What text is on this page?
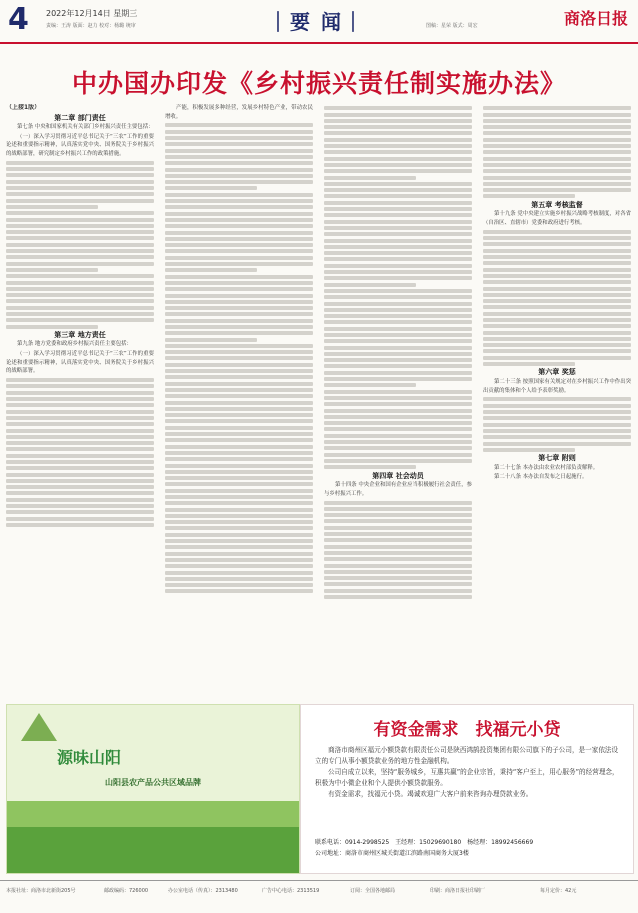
4 2022年12月14日 星期三
责编：王涛 版面：赵力 校对：杨璐 统审	｜要 闻｜	图稿：星荣 版式：周宏	商洛日报
中办国办印发《乡村振兴责任制实施办法》

（上接1版）

第二章 部门责任

第七条 中央和国家机关有关部门乡村振兴责任主要包括：

（一）深入学习贯彻习近平总书记关于“三农”工作的重要论述和重要指示精神，认真落实党中央、国务院关于乡村振兴的战略部署，研究制定乡村振兴工作的政策措施。

第三章 地方责任

第九条 地方党委和政府乡村振兴责任主要包括：

（一）深入学习贯彻习近平总书记关于“三农”工作的重要论述和重要指示精神，认真落实党中央、国务院关于乡村振兴的战略部署。

产能，积极发展多种经营，发展乡村特色产业，带动农民增收。

第四章 社会动员

第十四条 中央企业和国有企业应当积极履行社会责任，参与乡村振兴工作。

第五章 考核监督

第十九条 党中央建立实施乡村振兴战略考核制度，对各省（自治区、直辖市）党委和政府进行考核。

第六章 奖惩

第二十三条 按照国家有关规定对在乡村振兴工作中作出突出贡献的集体和个人给予表彰奖励。

第七章 附则

第二十七条 本办法由农业农村部负责解释。

第二十八条 本办法自发布之日起施行。

源味山阳
山阳县农产品公共区域品牌
有资金需求　找福元小贷

商洛市商州区福元小额贷款有限责任公司是陕西鸿鹄投资集团有限公司旗下的子公司，是一家依法设立的专门从事小额贷款业务的地方性金融机构。

公司自成立以来，坚持“服务城乡，互惠共赢”的企业宗旨，秉持“客户至上，用心服务”的经营理念，积极为中小微企业和个人提供小额贷款服务。

有资金需求，找福元小贷。竭诚欢迎广大客户前来咨询办理贷款业务。

联系电话：0914-2998525　王经理：15029690180　杨经理：18992456669
公司地址：商洛市商州区城关街道江滨路南国商务大厦3楼
本报社址：商洛市北新街205号	邮政编码：726000	办公室电话（传真）：2313480	广告中心电话：2313519	订阅：全国各地邮局	印刷：商洛日报社印刷厂	每月定价：42元
